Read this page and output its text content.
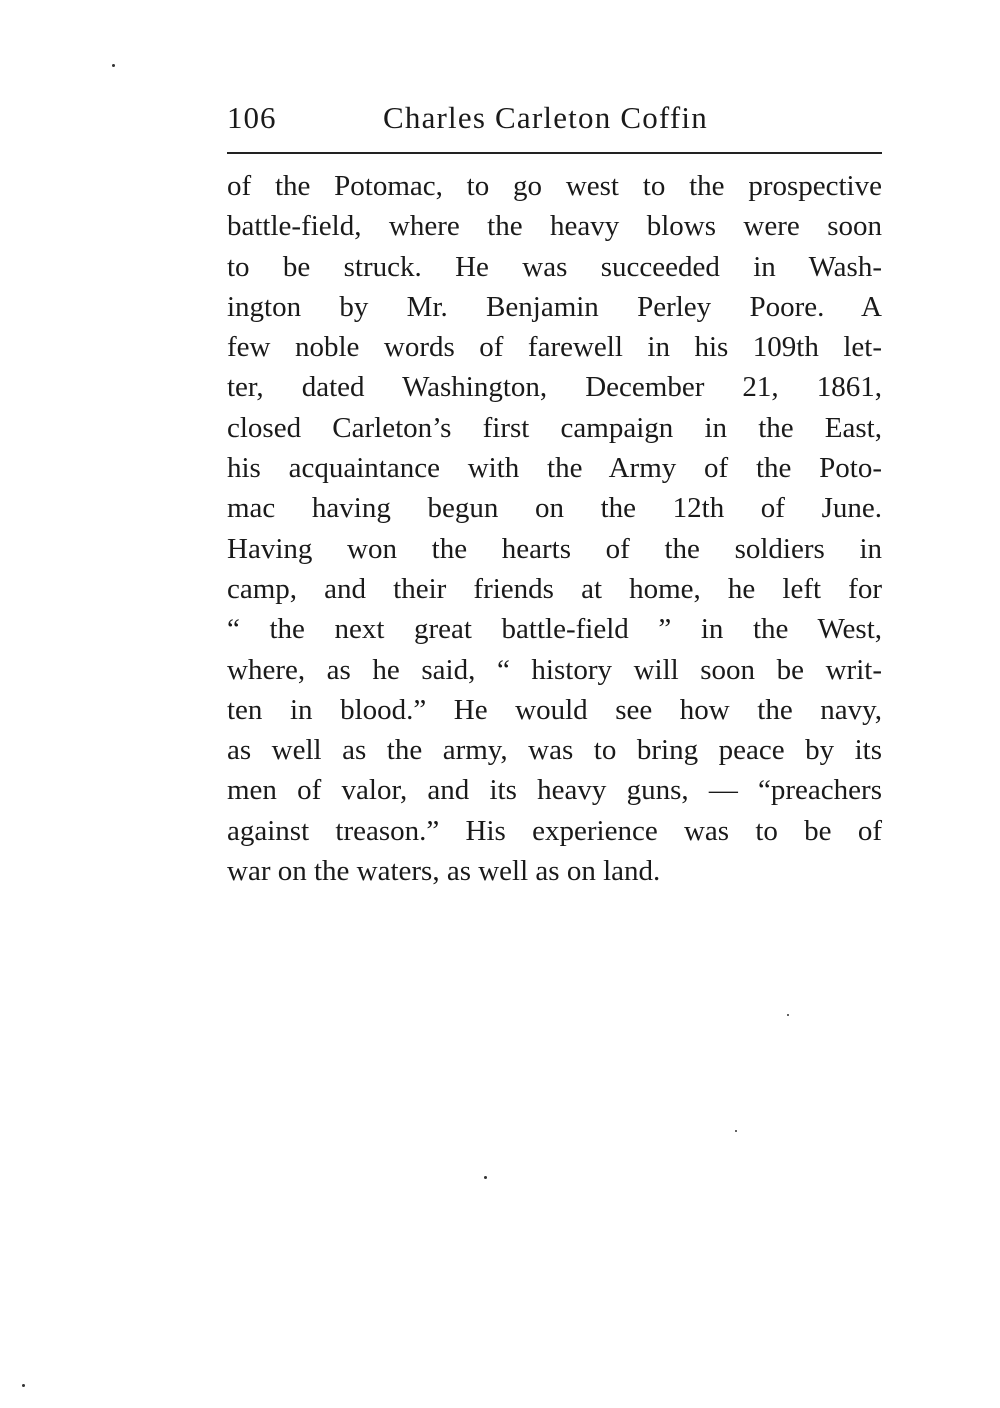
106	Charles Carleton Coffin
of the Potomac, to go west to the prospective
battle-field, where the heavy blows were soon
to be struck. He was succeeded in Wash-
ington by Mr. Benjamin Perley Poore. A
few noble words of farewell in his 109th let-
ter, dated Washington, December 21, 1861,
closed Carleton’s first campaign in the East,
his acquaintance with the Army of the Poto-
mac having begun on the 12th of June.
Having won the hearts of the soldiers in
camp, and their friends at home, he left for
“ the next great battle-field ” in the West,
where, as he said, “ history will soon be writ-
ten in blood.” He would see how the navy,
as well as the army, was to bring peace by its
men of valor, and its heavy guns, — “preachers
against treason.” His experience was to be of
war on the waters, as well as on land.
